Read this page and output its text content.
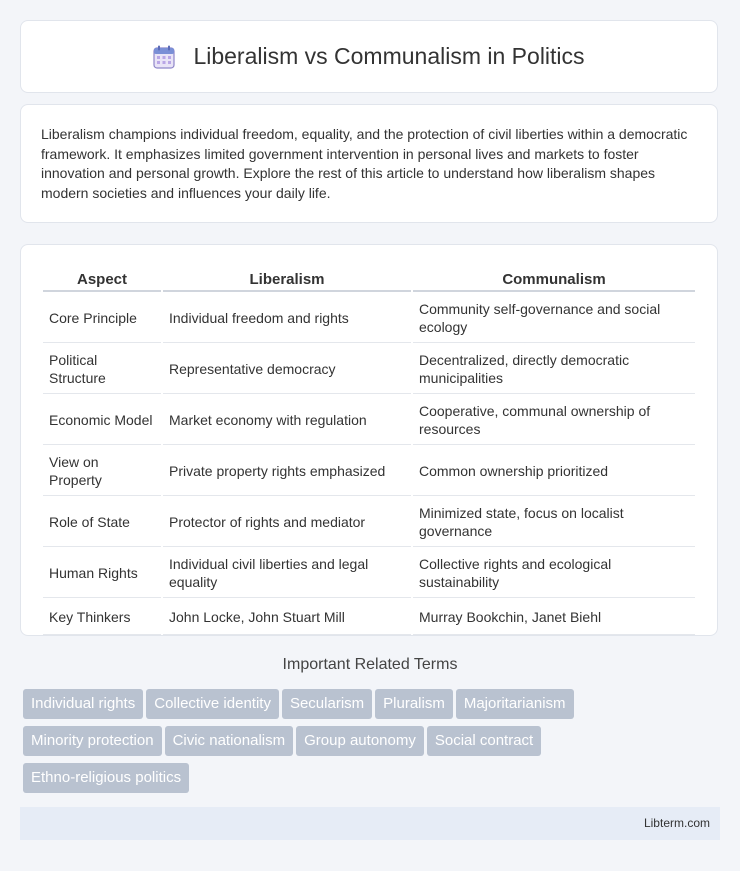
Liberalism vs Communalism in Politics

Liberalism champions individual freedom, equality, and the protection of civil liberties within a democratic framework. It emphasizes limited government intervention in personal lives and markets to foster innovation and personal growth. Explore the rest of this article to understand how liberalism shapes modern societies and influences your daily life.

Aspect	Liberalism	Communalism
Core Principle	Individual freedom and rights	Community self-governance and social ecology
Political Structure	Representative democracy	Decentralized, directly democratic municipalities
Economic Model	Market economy with regulation	Cooperative, communal ownership of resources
View on Property	Private property rights emphasized	Common ownership prioritized
Role of State	Protector of rights and mediator	Minimized state, focus on localist governance
Human Rights	Individual civil liberties and legal equality	Collective rights and ecological sustainability
Key Thinkers	John Locke, John Stuart Mill	Murray Bookchin, Janet Biehl
Important Related Terms
Individual rights Collective identity Secularism Pluralism Majoritarianism
Minority protection Civic nationalism Group autonomy Social contract
Ethno-religious politics
Libterm.com
